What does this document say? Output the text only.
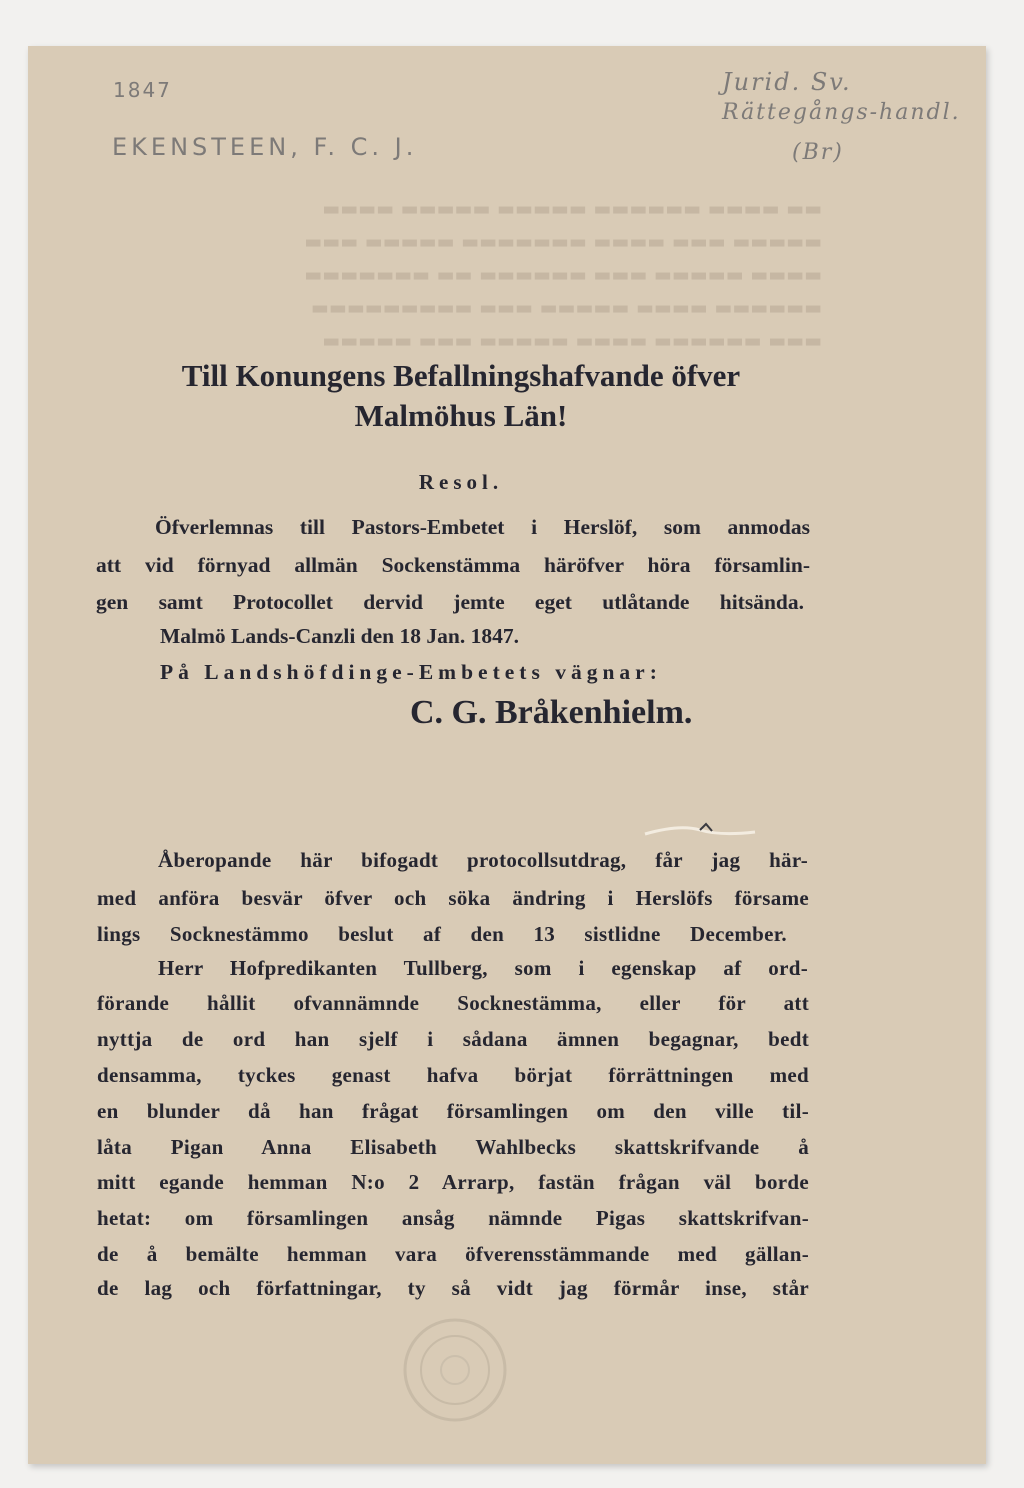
▬▬ ▬▬▬▬ ▬▬▬▬▬▬ ▬▬▬▬▬ ▬▬▬▬▬ ▬▬▬▬
▬▬▬▬▬ ▬▬▬ ▬▬▬▬ ▬▬▬▬▬▬▬ ▬▬▬▬▬ ▬▬▬
▬▬▬▬ ▬▬▬▬▬ ▬▬▬ ▬▬▬▬▬▬ ▬▬ ▬▬▬▬▬▬▬
▬▬▬▬▬▬ ▬▬▬▬ ▬▬▬▬▬ ▬▬▬ ▬▬▬▬▬▬▬▬▬
▬▬▬ ▬▬▬▬▬▬ ▬▬▬▬ ▬▬▬▬▬ ▬▬▬ ▬▬▬▬▬
1847
EKENSTEEN, F. C. J.
Jurid. Sv.
Rättegångs-handl.
(Br)
Till Konungens Befallningshafvande öfver
Malmöhus Län!
Resol.
Öfverlemnas till Pastors-Embetet i Herslöf, som anmodas
att vid förnyad allmän Sockenstämma häröfver höra församlin-
gen samt Protocollet dervid jemte eget utlåtande hitsända.
Malmö Lands-Canzli den 18 Jan. 1847.
På Landshöfdinge-Embetets vägnar:
C. G. Bråkenhielm.
Åberopande här bifogadt protocollsutdrag, får jag här-
med anföra besvär öfver och söka ändring i Herslöfs försame
lings Socknestämmo beslut af den 13 sistlidne December.
Herr Hofpredikanten Tullberg, som i egenskap af ord-
förande hållit ofvannämnde Socknestämma, eller för att
nyttja de ord han sjelf i sådana ämnen begagnar, bedt
densamma, tyckes genast hafva börjat förrättningen med
en blunder då han frågat församlingen om den ville til-
låta Pigan Anna Elisabeth Wahlbecks skattskrifvande å
mitt egande hemman N:o 2 Arrarp, fastän frågan väl borde
hetat: om församlingen ansåg nämnde Pigas skattskrifvan-
de å bemälte hemman vara öfverensstämmande med gällan-
de lag och författningar, ty så vidt jag förmår inse, står
